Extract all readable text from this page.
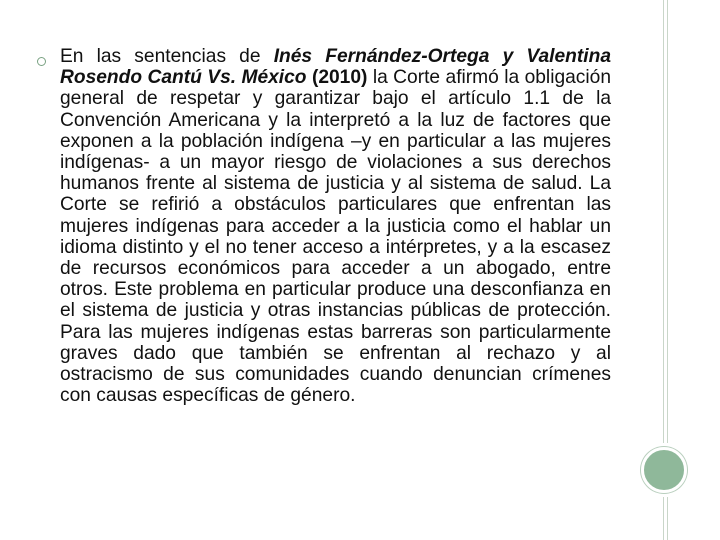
En las sentencias de Inés Fernández-Ortega y Valentina Rosendo Cantú Vs. México (2010) la Corte afirmó la obligación general de respetar y garantizar bajo el artículo 1.1 de la Convención Americana y la interpretó a la luz de factores que exponen a la población indígena –y en particular a las mujeres indígenas- a un mayor riesgo de violaciones a sus derechos humanos frente al sistema de justicia y al sistema de salud. La Corte se refirió a obstáculos particulares que enfrentan las mujeres indígenas para acceder a la justicia como el hablar un idioma distinto y el no tener acceso a intérpretes, y a la escasez de recursos económicos para acceder a un abogado, entre otros. Este problema en particular produce una desconfianza en el sistema de justicia y otras instancias públicas de protección. Para las mujeres indígenas estas barreras son particularmente graves dado que también se enfrentan al rechazo y al ostracismo de sus comunidades cuando denuncian crímenes con causas específicas de género.
